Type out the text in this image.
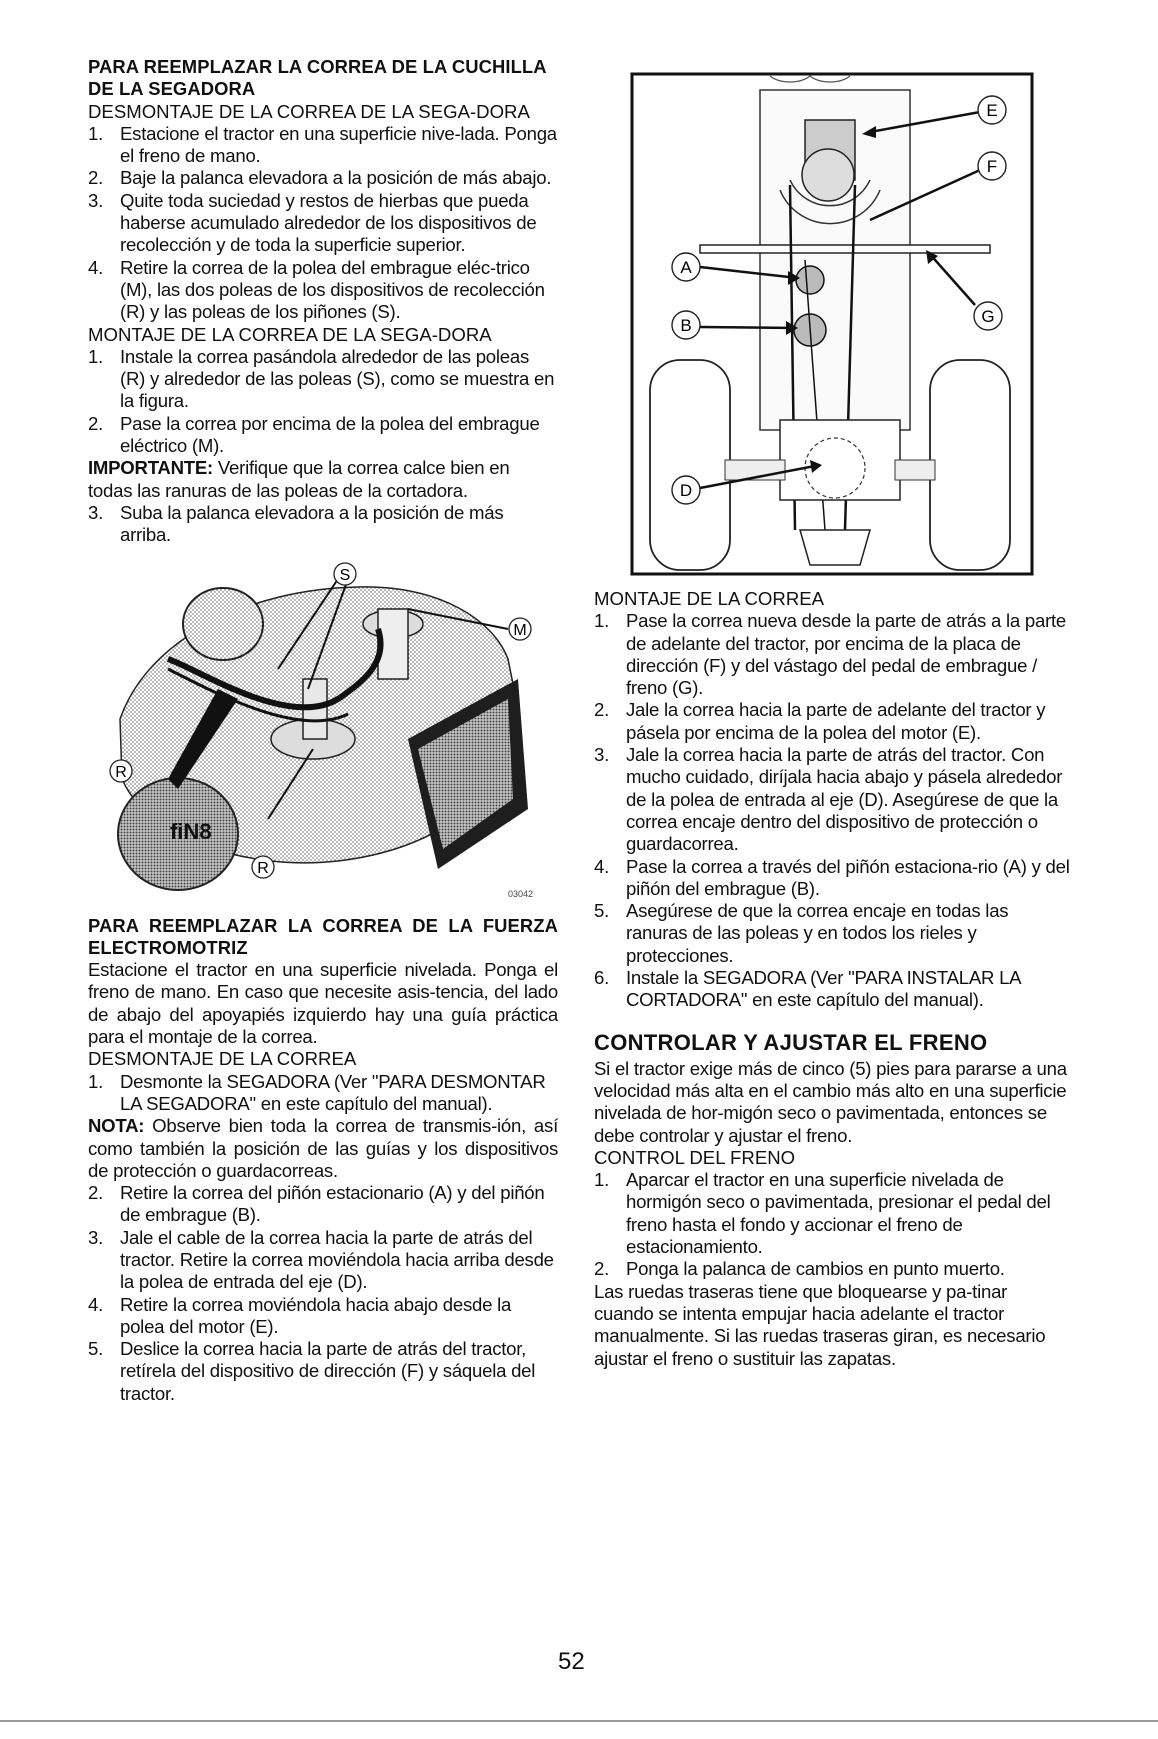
PARA REEMPLAZAR LA CORREA DE LA CUCHILLA DE LA SEGADORA

DESMONTAJE DE LA CORREA DE LA SEGA-DORA

1. Estacione el tractor en una superficie nive-lada. Ponga el freno de mano.
2. Baje la palanca elevadora a la posición de más abajo.
3. Quite toda suciedad y restos de hierbas que pueda haberse acumulado alrededor de los dispositivos de recolección y de toda la superficie superior.
4. Retire la correa de la polea del embrague eléc-trico (M), las dos poleas de los dispositivos de recolección (R) y las poleas de los piñones (S).

MONTAJE DE LA CORREA DE LA SEGA-DORA

1. Instale la correa pasándola alrededor de las poleas (R) y alrededor de las poleas (S), como se muestra en la figura.
2. Pase la correa por encima de la polea del embrague eléctrico (M).

IMPORTANTE: Verifique que la correa calce bien en todas las ranuras de las poleas de la cortadora.

3. Suba la palanca elevadora a la posición de más arriba.
ﬁN8
S
M
R
R
03042

PARA REEMPLAZAR LA CORREA DE LA FUERZA ELECTROMOTRIZ

Estacione el tractor en una superficie nivelada. Ponga el freno de mano. En caso que necesite asis-tencia, del lado de abajo del apoyapiés izquierdo hay una guía práctica para el montaje de la correa.

DESMONTAJE DE LA CORREA

1. Desmonte la SEGADORA (Ver "PARA DESMONTAR LA SEGADORA" en este capítulo del manual).

NOTA: Observe bien toda la correa de transmis-ión, así como también la posición de las guías y los dispositivos de protección o guardacorreas.

2. Retire la correa del piñón estacionario (A) y del piñón de embrague (B).
3. Jale el cable de la correa hacia la parte de atrás del tractor. Retire la correa moviéndola hacia arriba desde la polea de entrada del eje (D).
4. Retire la correa moviéndola hacia abajo desde la polea del motor (E).
5. Deslice la correa hacia la parte de atrás del tractor, retírela del dispositivo de dirección (F) y sáquela del tractor.
E
F
A
B	G
D

MONTAJE DE LA CORREA

1. Pase la correa nueva desde la parte de atrás a la parte de adelante del tractor, por encima de la placa de dirección (F) y del vástago del pedal de embrague / freno (G).
2. Jale la correa hacia la parte de adelante del tractor y pásela por encima de la polea del motor (E).
3. Jale la correa hacia la parte de atrás del tractor. Con mucho cuidado, diríjala hacia abajo y pásela alrededor de la polea de entrada al eje (D). Asegúrese de que la correa encaje dentro del dispositivo de protección o guardacorrea.
4. Pase la correa a través del piñón estaciona-rio (A) y del piñón del embrague (B).
5. Asegúrese de que la correa encaje en todas las ranuras de las poleas y en todos los rieles y protecciones.
6. Instale la SEGADORA (Ver "PARA INSTALAR LA CORTADORA" en este capítulo del manual).

CONTROLAR Y AJUSTAR EL FRENO

Si el tractor exige más de cinco (5) pies para pararse a una velocidad más alta en el cambio más alto en una superficie nivelada de hor-migón seco o pavimentada, entonces se debe controlar y ajustar el freno.

CONTROL DEL FRENO

1. Aparcar el tractor en una superficie nivelada de hormigón seco o pavimentada, presionar el pedal del freno hasta el fondo y accionar el freno de estacionamiento.
2. Ponga la palanca de cambios en punto muerto.

Las ruedas traseras tiene que bloquearse y pa-tinar cuando se intenta empujar hacia adelante el tractor manualmente. Si las ruedas traseras giran, es necesario ajustar el freno o sustituir las zapatas.

52
